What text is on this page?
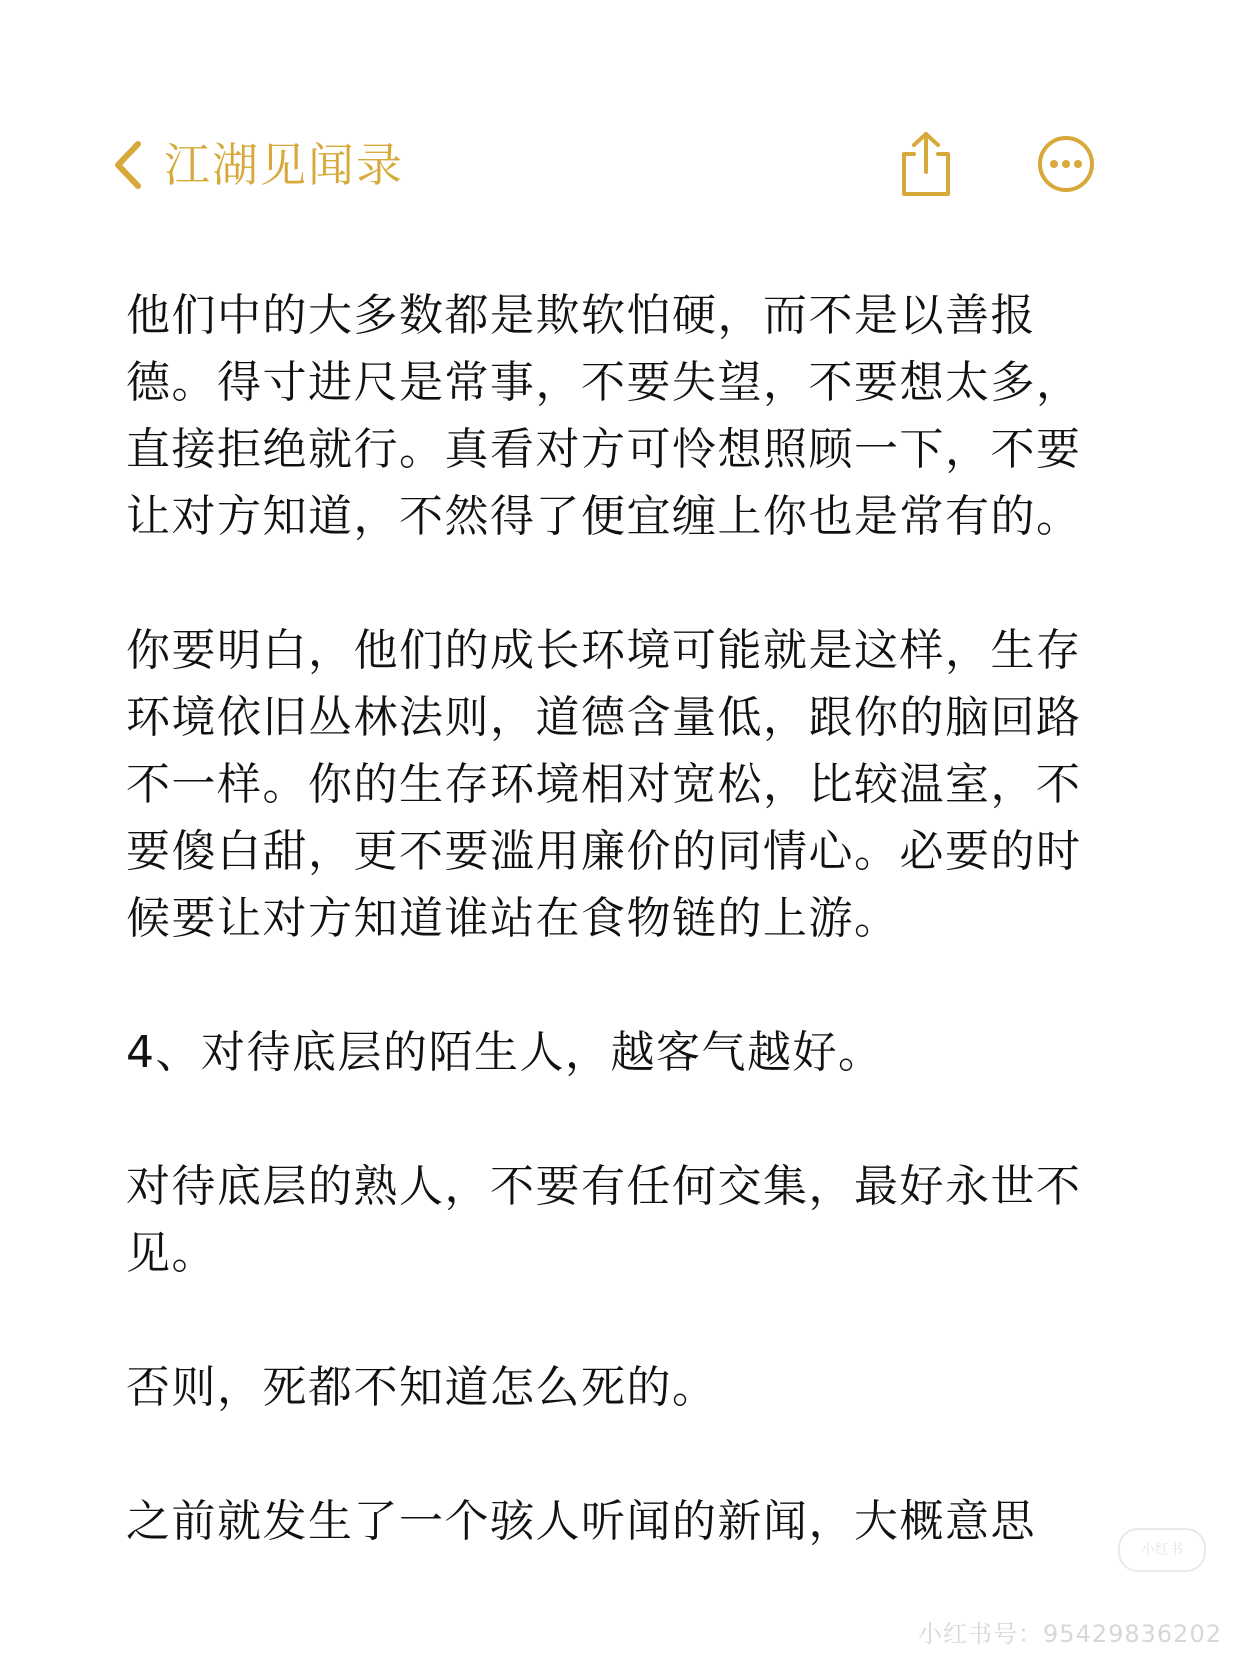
江湖见闻录

他们中的大多数都是欺软怕硬，而不是以善报
德。得寸进尺是常事，不要失望，不要想太多，
直接拒绝就行。真看对方可怜想照顾一下，不要
让对方知道，不然得了便宜缠上你也是常有的。

你要明白，他们的成长环境可能就是这样，生存
环境依旧丛林法则，道德含量低，跟你的脑回路
不一样。你的生存环境相对宽松，比较温室，不
要傻白甜，更不要滥用廉价的同情心。必要的时
候要让对方知道谁站在食物链的上游。

4、对待底层的陌生人，越客气越好。

对待底层的熟人，不要有任何交集，最好永世不
见。

否则，死都不知道怎么死的。

之前就发生了一个骇人听闻的新闻，大概意思

小红书
小红书号：95429836202
